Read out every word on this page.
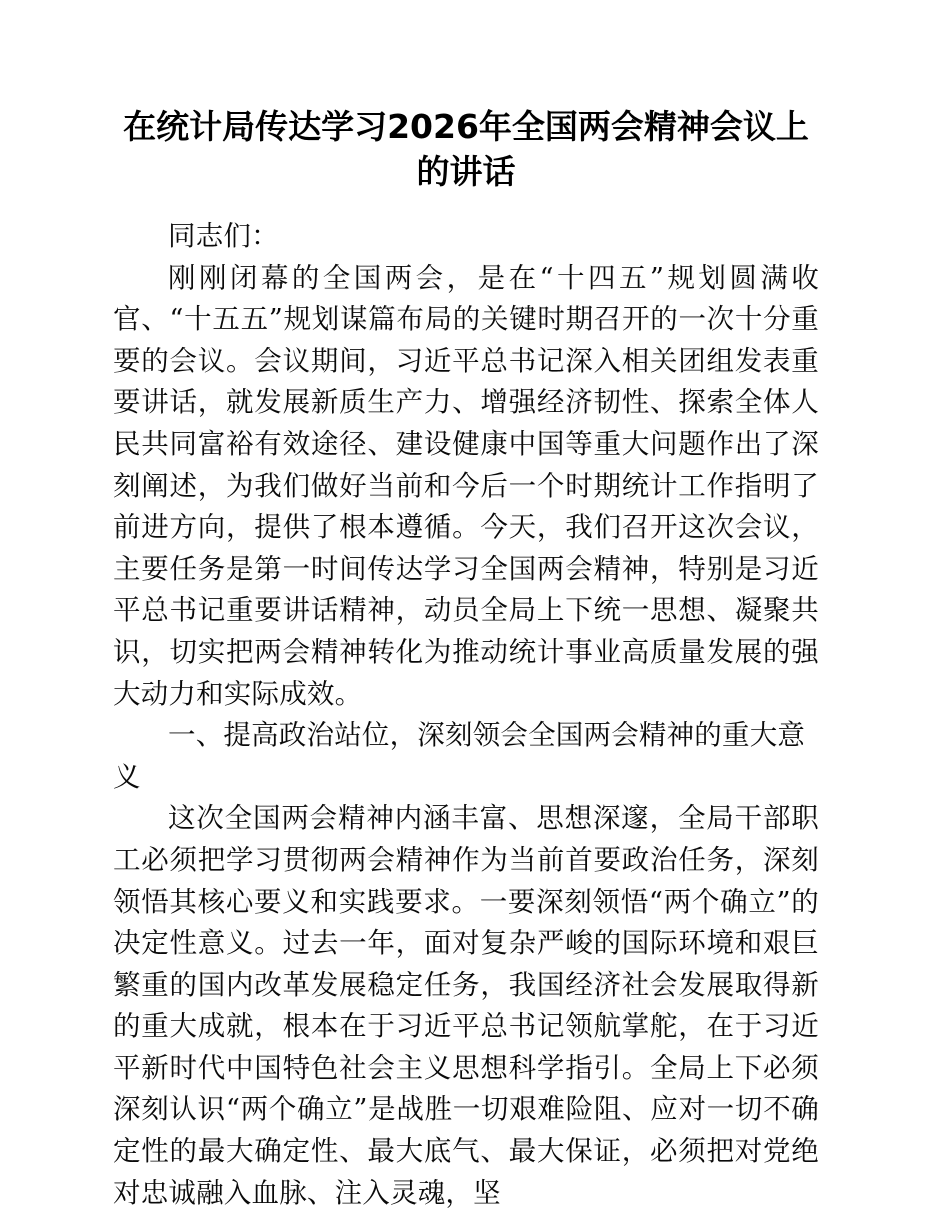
在统计局传达学习2026年全国两会精神会议上的讲话

同志们：

刚刚闭幕的全国两会，是在“十四五”规划圆满收官、“十五五”规划谋篇布局的关键时期召开的一次十分重要的会议。会议期间，习近平总书记深入相关团组发表重要讲话，就发展新质生产力、增强经济韧性、探索全体人民共同富裕有效途径、建设健康中国等重大问题作出了深刻阐述，为我们做好当前和今后一个时期统计工作指明了前进方向，提供了根本遵循。今天，我们召开这次会议，主要任务是第一时间传达学习全国两会精神，特别是习近平总书记重要讲话精神，动员全局上下统一思想、凝聚共识，切实把两会精神转化为推动统计事业高质量发展的强大动力和实际成效。

一、提高政治站位，深刻领会全国两会精神的重大意义

这次全国两会精神内涵丰富、思想深邃，全局干部职工必须把学习贯彻两会精神作为当前首要政治任务，深刻领悟其核心要义和实践要求。一要深刻领悟“两个确立”的决定性意义。过去一年，面对复杂严峻的国际环境和艰巨繁重的国内改革发展稳定任务，我国经济社会发展取得新的重大成就，根本在于习近平总书记领航掌舵，在于习近平新时代中国特色社会主义思想科学指引。全局上下必须深刻认识“两个确立”是战胜一切艰难险阻、应对一切不确定性的最大确定性、最大底气、最大保证，必须把对党绝对忠诚融入血脉、注入灵魂，坚
